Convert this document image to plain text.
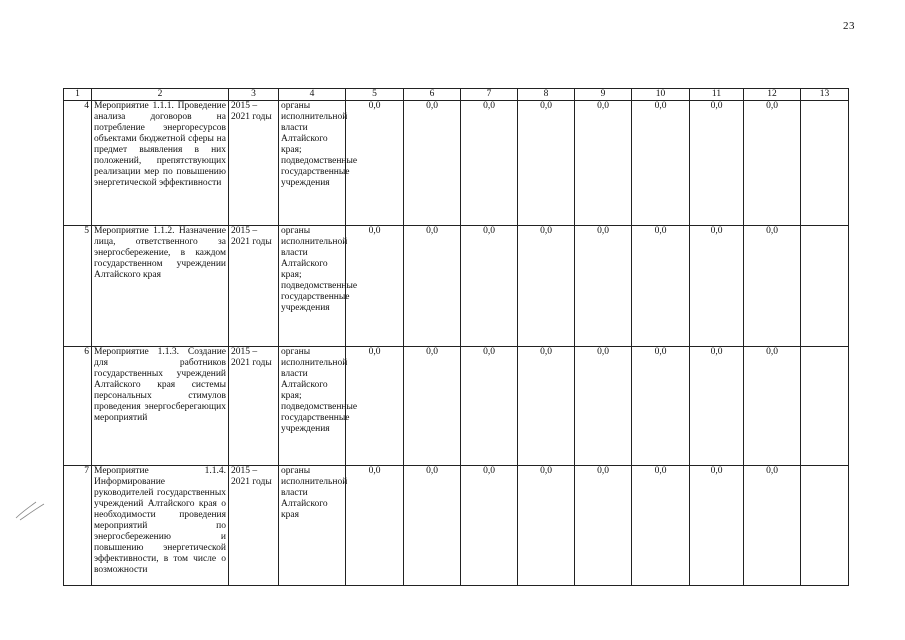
23
1	2	3	4	5	6	7	8	9	10	11	12	13
4	Мероприятие 1.1.1. Проведение анализа договоров на потребление энергоресурсов объектами бюджетной сферы на предмет выявления в них положений, препятствующих реализации мер по повышению энергетической эффективности	2015 – 2021 годы	органы исполнительной власти Алтайского края; подведомственные государственные учреждения	0,0	0,0	0,0	0,0	0,0	0,0	0,0	0,0	
5	Мероприятие 1.1.2. Назначение лица, ответственного за энергосбережение, в каждом государственном учреждении Алтайского края	2015 – 2021 годы	органы исполнительной власти Алтайского края; подведомственные государственные учреждения	0,0	0,0	0,0	0,0	0,0	0,0	0,0	0,0	
6	Мероприятие 1.1.3. Создание для работников государственных учреждений Алтайского края системы персональных стимулов проведения энергосберегающих мероприятий	2015 – 2021 годы	органы исполнительной власти Алтайского края; подведомственные государственные учреждения	0,0	0,0	0,0	0,0	0,0	0,0	0,0	0,0	
7	Мероприятие 1.1.4. Информирование руководителей государственных учреждений Алтайского края о необходимости проведения мероприятий по энергосбережению и повышению энергетической эффективности, в том числе о возможности	2015 – 2021 годы	органы исполнительной власти Алтайского края	0,0	0,0	0,0	0,0	0,0	0,0	0,0	0,0	
